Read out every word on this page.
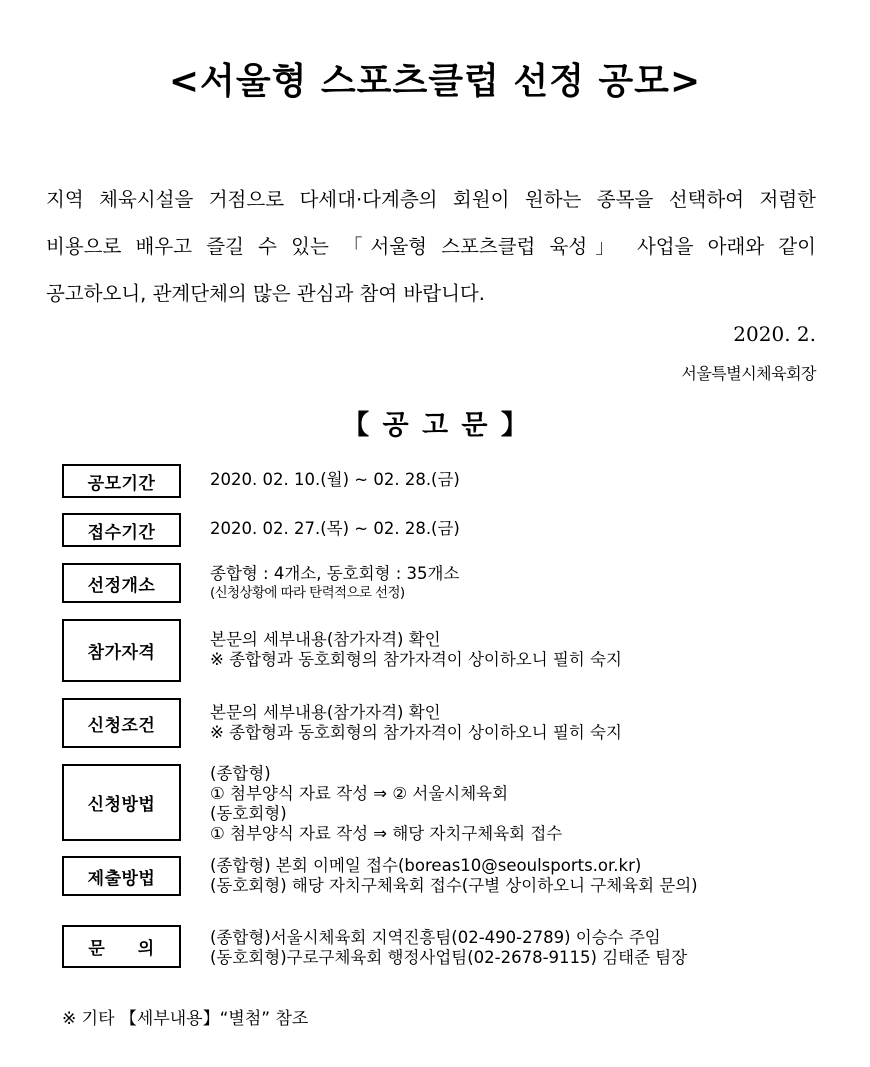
<서울형 스포츠클럽 선정 공모>
지역 체육시설을 거점으로 다세대·다계층의 회원이 원하는 종목을 선택하여 저렴한
비용으로 배우고 즐길 수 있는 「서울형 스포츠클럽 육성」 사업을 아래와 같이
공고하오니, 관계단체의 많은 관심과 참여 바랍니다.
2020. 2.
서울특별시체육회장
【 공 고 문 】
공모기간	2020. 02. 10.(월) ~ 02. 28.(금)
접수기간	2020. 02. 27.(목) ~ 02. 28.(금)
선정개소
종합형 : 4개소, 동호회형 : 35개소
(신청상황에 따라 탄력적으로 선정)
참가자격
본문의 세부내용(참가자격) 확인
※ 종합형과 동호회형의 참가자격이 상이하오니 필히 숙지
신청조건
본문의 세부내용(참가자격) 확인
※ 종합형과 동호회형의 참가자격이 상이하오니 필히 숙지
신청방법
(종합형)
① 첨부양식 자료 작성 ⇒ ② 서울시체육회
(동호회형)
① 첨부양식 자료 작성 ⇒ 해당 자치구체육회 접수
제출방법
(종합형) 본회 이메일 접수(boreas10@seoulsports.or.kr)
(동호회형) 해당 자치구체육회 접수(구별 상이하오니 구체육회 문의)
문 의
(종합형)서울시체육회 지역진흥팀(02-490-2789) 이승수 주임
(동호회형)구로구체육회 행정사업팀(02-2678-9115) 김태준 팀장
※ 기타 【세부내용】“별첨” 참조
